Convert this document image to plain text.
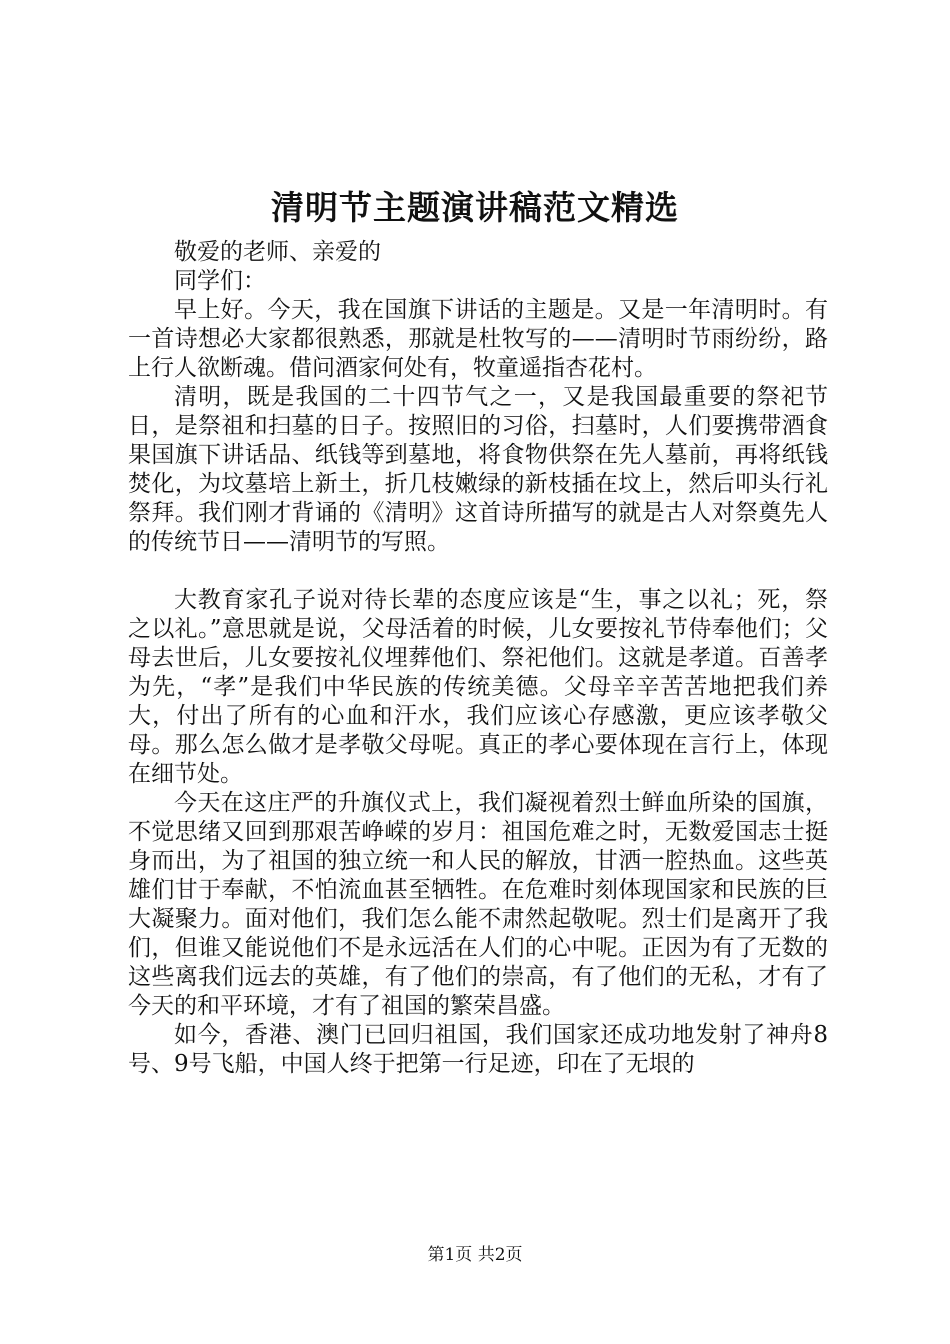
清明节主题演讲稿范文精选

敬爱的老师、亲爱的

同学们：

早上好。今天，我在国旗下讲话的主题是。又是一年清明时。有一首诗想必大家都很熟悉，那就是杜牧写的——清明时节雨纷纷，路上行人欲断魂。借问酒家何处有，牧童遥指杏花村。

清明，既是我国的二十四节气之一，又是我国最重要的祭祀节日，是祭祖和扫墓的日子。按照旧的习俗，扫墓时，人们要携带酒食果国旗下讲话品、纸钱等到墓地，将食物供祭在先人墓前，再将纸钱焚化，为坟墓培上新土，折几枝嫩绿的新枝插在坟上，然后叩头行礼祭拜。我们刚才背诵的《清明》这首诗所描写的就是古人对祭奠先人的传统节日——清明节的写照。

大教育家孔子说对待长辈的态度应该是“生，事之以礼；死，祭之以礼。”意思就是说，父母活着的时候，儿女要按礼节侍奉他们；父母去世后，儿女要按礼仪埋葬他们、祭祀他们。这就是孝道。百善孝为先，“孝”是我们中华民族的传统美德。父母辛辛苦苦地把我们养大，付出了所有的心血和汗水，我们应该心存感激，更应该孝敬父母。那么怎么做才是孝敬父母呢。真正的孝心要体现在言行上，体现在细节处。

今天在这庄严的升旗仪式上，我们凝视着烈士鲜血所染的国旗，不觉思绪又回到那艰苦峥嵘的岁月：祖国危难之时，无数爱国志士挺身而出，为了祖国的独立统一和人民的解放，甘洒一腔热血。这些英雄们甘于奉献，不怕流血甚至牺牲。在危难时刻体现国家和民族的巨大凝聚力。面对他们，我们怎么能不肃然起敬呢。烈士们是离开了我们，但谁又能说他们不是永远活在人们的心中呢。正因为有了无数的这些离我们远去的英雄，有了他们的崇高，有了他们的无私，才有了今天的和平环境，才有了祖国的繁荣昌盛。

如今，香港、澳门已回归祖国，我们国家还成功地发射了神舟8号、9号飞船，中国人终于把第一行足迹，印在了无垠的

第1页 共2页
